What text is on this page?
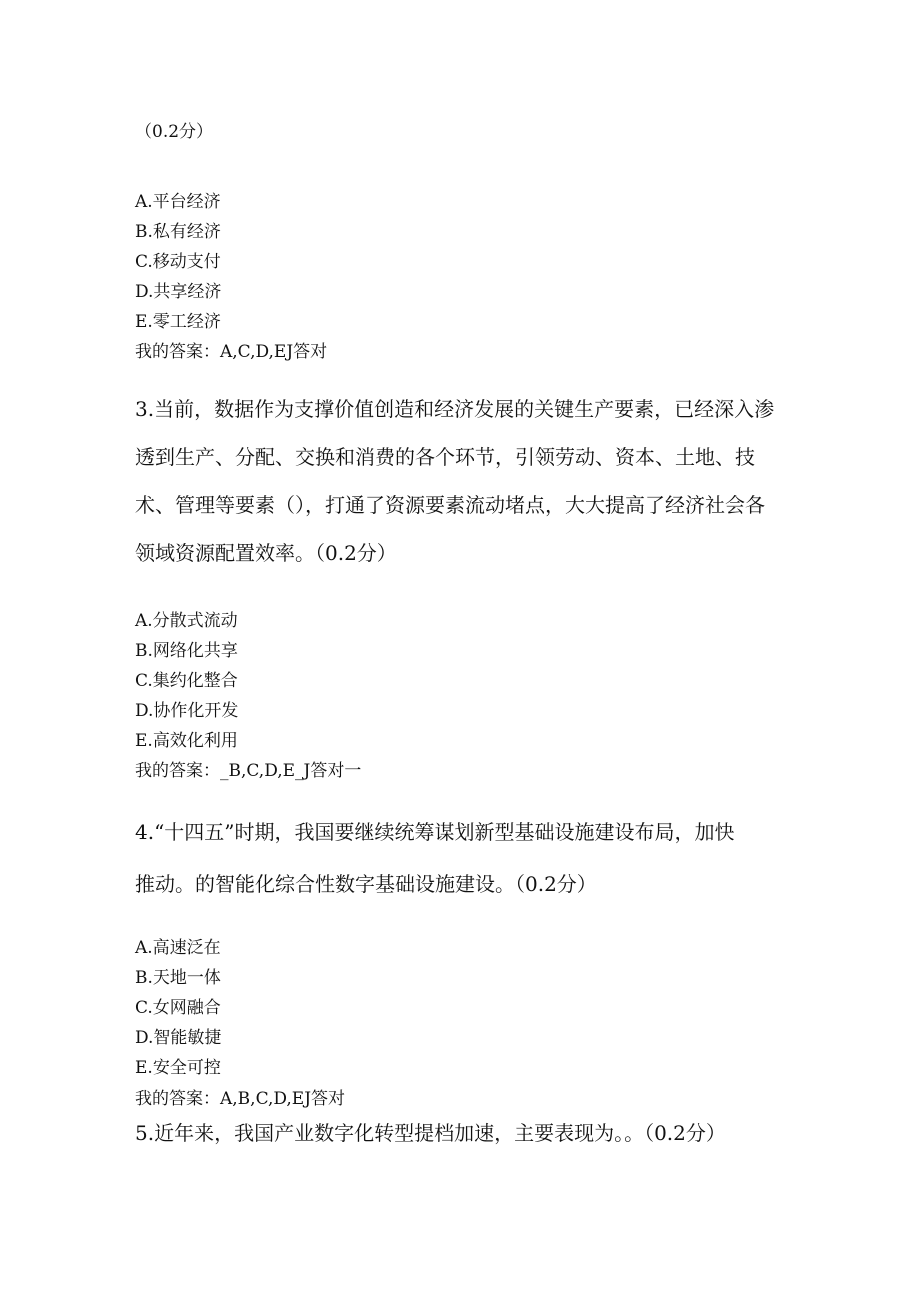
（0.2分）
A.平台经济
B.私有经济
C.移动支付
D.共享经济
E.零工经济
我的答案：A,C,D,EJ答对
3.当前，数据作为支撑价值创造和经济发展的关键生产要素，已经深入渗
透到生产、分配、交换和消费的各个环节，引领劳动、资本、土地、技
术、管理等要素（），打通了资源要素流动堵点，大大提高了经济社会各
领域资源配置效率。（0.2分）
A.分散式流动
B.网络化共享
C.集约化整合
D.协作化开发
E.高效化利用
我的答案：_B,C,D,E_J答对一
4.“十四五”时期，我国要继续统筹谋划新型基础设施建设布局，加快
推动。的智能化综合性数字基础设施建设。（0.2分）
A.高速泛在
B.天地一体
C.女网融合
D.智能敏捷
E.安全可控
我的答案：A,B,C,D,EJ答对
5.近年来，我国产业数字化转型提档加速，主要表现为。。（0.2分）
